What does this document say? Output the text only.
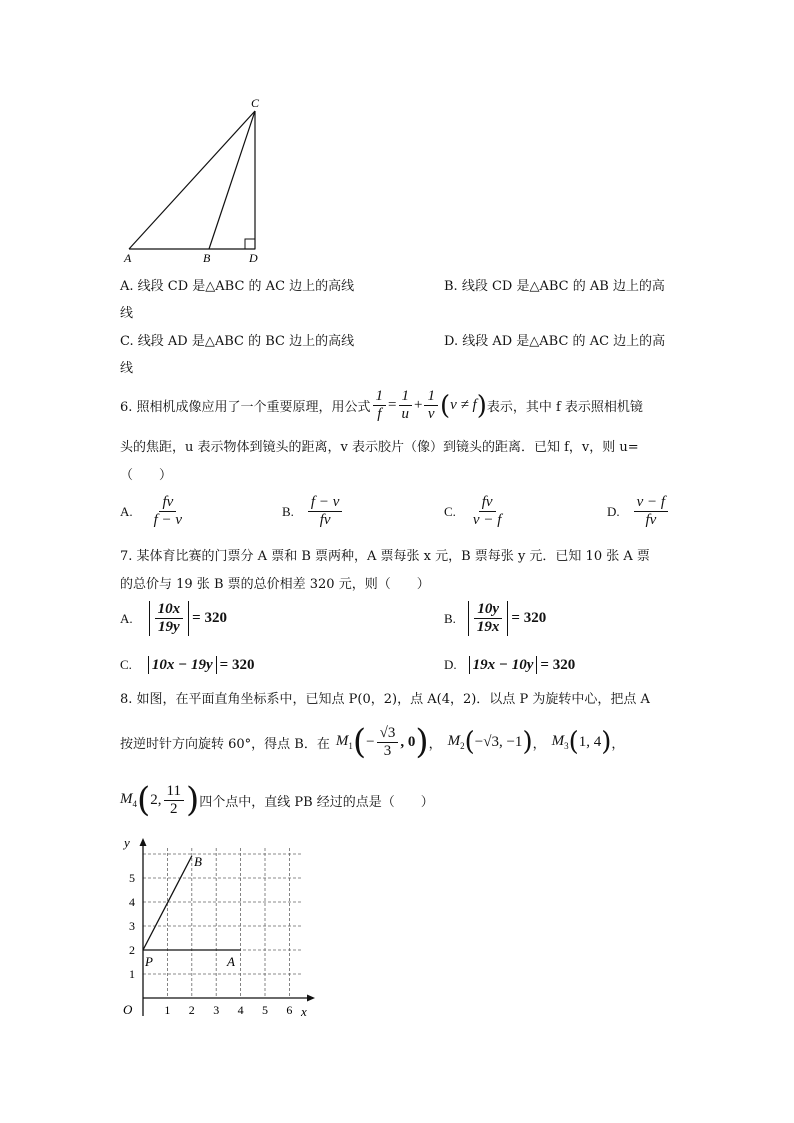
C
A	B	D
A. 线段 CD 是△ABC 的 AC 边上的高线	B. 线段 CD 是△ABC 的 AB 边上的高
线
C. 线段 AD 是△ABC 的 BC 边上的高线	D. 线段 AD 是△ABC 的 AC 边上的高
线
6. 照相机成像应用了一个重要原理，用公式 $\frac{1}{f} = \frac{1}{u} + \frac{1}{v}$ ( v ≠ f ) 表示，其中 f 表示照相机镜
头的焦距，u 表示物体到镜头的距离，v 表示胶片（像）到镜头的距离．已知 f，v，则 u=
（　　）
A. $\frac{fv}{f - v}$	B. $\frac{f - v}{fv}$	C. $\frac{fv}{v - f}$	D. $\frac{v - f}{fv}$
7. 某体育比赛的门票分 A 票和 B 票两种，A 票每张 x 元，B 票每张 y 元．已知 10 张 A 票
的总价与 19 张 B 票的总价相差 320 元，则（　　）
A. $\frac{10x}{19y} = 320$	B. $\frac{10y}{19x} = 320$
C. 10x − 19y = 320	D. 19x − 10y = 320
8. 如图，在平面直角坐标系中，已知点 P(0，2)，点 A(4，2)．以点 P 为旋转中心，把点 A
按逆时针方向旋转 60°，得点 B．在 $M_1$ ( − $\frac{√3}{3}$ , 0 ) ， $M_2$ ( −√3, −1 ) ， $M_3$ ( 1, 4 ) ，
$M_4$ ( 2, $\frac{11}{2}$ ) 四个点中，直线 PB 经过的点是（　　）
y
x
O	1 2 3 4 5 6
1
2
3
4
5
P	A
B
